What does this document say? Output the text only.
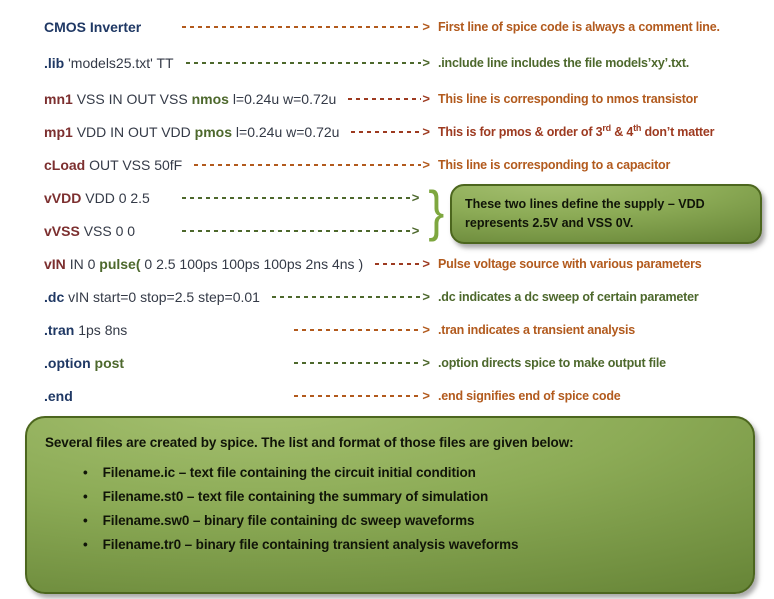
CMOS Inverter >	First line of spice code is always a comment line.
.lib 'models25.txt' TT >	.include line includes the file models’xy’.txt.
mn1 VSS IN OUT VSS nmos l=0.24u w=0.72u >	This line is corresponding to nmos transistor
mp1 VDD IN OUT VDD pmos l=0.24u w=0.72u >	This is for pmos & order of 3rd & 4th don’t matter
cLoad OUT VSS 50fF >	This line is corresponding to a capacitor
vVDD VDD 0 2.5
>
vVSS VSS 0 0 >	}	These two lines define the supply – VDD represents 2.5V and VSS 0V.
vIN IN 0 pulse( 0 2.5 100ps 100ps 100ps 2ns 4ns ) >	Pulse voltage source with various parameters
.dc vIN start=0 stop=2.5 step=0.01 >	.dc indicates a dc sweep of certain parameter
.tran 1ps 8ns >	.tran indicates a transient analysis
.option post >	.option directs spice to make output file
.end >	.end signifies end of spice code
Several files are created by spice. The list and format of those files are given below:
• Filename.ic – text file containing the circuit initial condition
• Filename.st0 – text file containing the summary of simulation
• Filename.sw0 – binary file containing dc sweep waveforms
• Filename.tr0 – binary file containing transient analysis waveforms
